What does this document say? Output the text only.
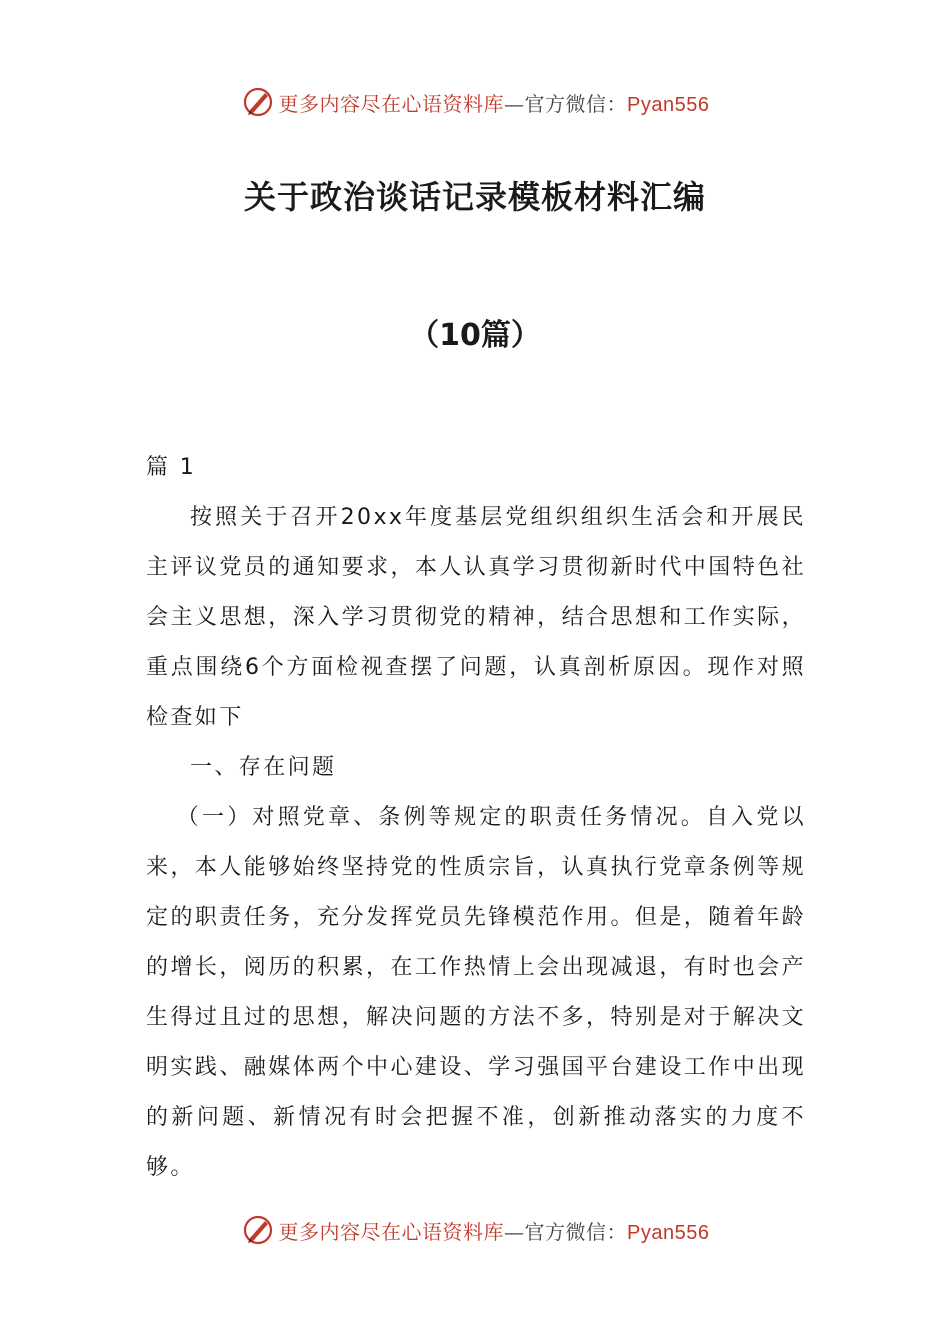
更多内容尽在心语资料库—官方微信：Pyan556
关于政治谈话记录模板材料汇编
（10篇）

篇 1

按照关于召开20xx年度基层党组织组织生活会和开展民主评议党员的通知要求，本人认真学习贯彻新时代中国特色社会主义思想，深入学习贯彻党的精神，结合思想和工作实际，重点围绕6个方面检视查摆了问题，认真剖析原因。现作对照检查如下

一、存在问题

（一）对照党章、条例等规定的职责任务情况。自入党以来，本人能够始终坚持党的性质宗旨，认真执行党章条例等规定的职责任务，充分发挥党员先锋模范作用。但是，随着年龄的增长，阅历的积累，在工作热情上会出现减退，有时也会产生得过且过的思想，解决问题的方法不多，特别是对于解决文明实践、融媒体两个中心建设、学习强国平台建设工作中出现的新问题、新情况有时会把握不准，创新推动落实的力度不够。

更多内容尽在心语资料库—官方微信：Pyan556
